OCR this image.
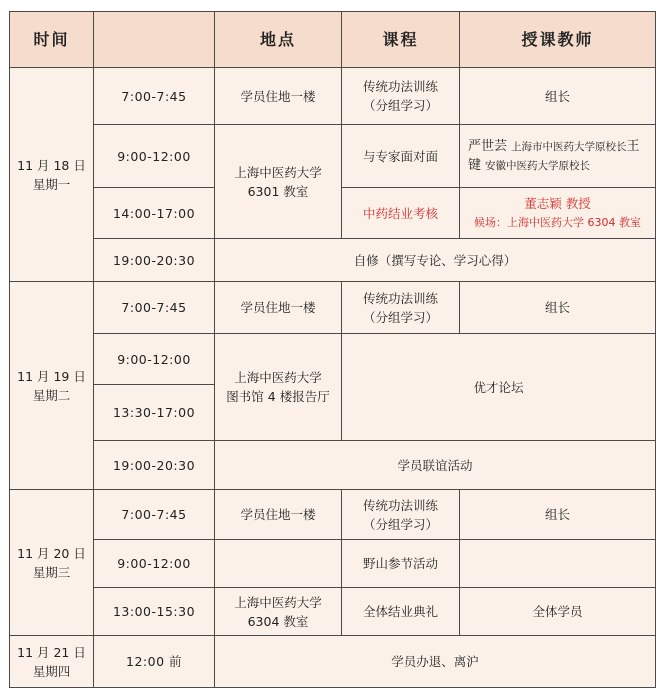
时间		地点	课程	授课教师

11 月 18 日
星期一	7:00-7:45	学员住地一楼	传统功法训练
（分组学习）	组长
	9:00-12:00	上海中医药大学
6301 教室	与专家面对面	严世芸 上海市中医药大学原校长王键 安徽中医药大学原校长
	14:00-17:00		中药结业考核	董志颖 教授
候场：上海中医药大学 6304 教室

	19:00-20:30	自修（撰写专论、学习心得）		

11 月 19 日
星期二	7:00-7:45	学员住地一楼	传统功法训练
（分组学习）	组长
	9:00-12:00	上海中医药大学
图书馆 4 楼报告厅	优才论坛	
	13:30-17:00			
	19:00-20:30	学员联谊活动		

11 月 20 日
星期三	7:00-7:45	学员住地一楼	传统功法训练
（分组学习）	组长
	9:00-12:00		野山参节活动	
	13:00-15:30	上海中医药大学
6304 教室	全体结业典礼	全体学员

11 月 21 日
星期四	12:00 前	学员办退、离沪		
